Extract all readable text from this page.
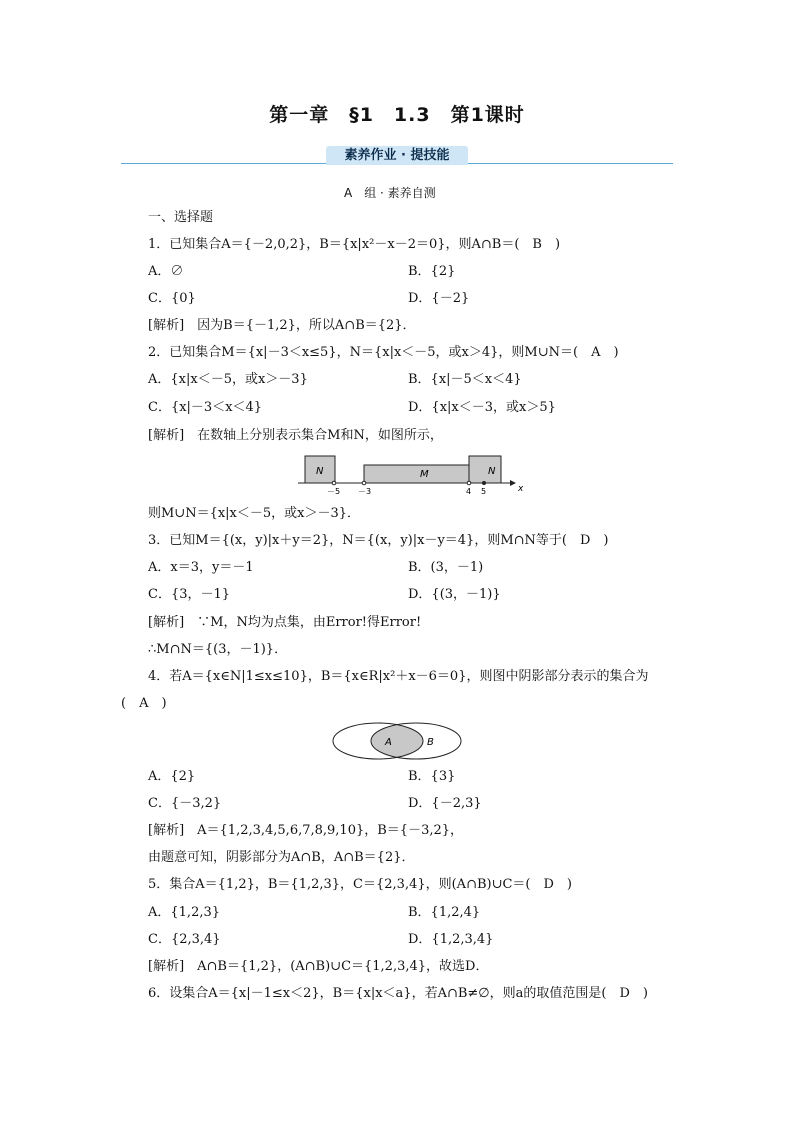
第一章　§1　1.3　第1课时
素养作业 · 提技能
A　组 · 素养自测
一、选择题
1．已知集合A＝{－2,0,2}，B＝{x|x²－x－2＝0}，则A∩B＝(　B　)
A．∅	B．{2}
C．{0}	D．{－2}
[解析]　因为B＝{－1,2}，所以A∩B＝{2}．
2．已知集合M＝{x|－3＜x≤5}，N＝{x|x＜－5，或x＞4}，则M∪N＝(　A　)
A．{x|x＜－5，或x＞－3}	B．{x|－5＜x＜4}
C．{x|－3＜x＜4}	D．{x|x＜－3，或x＞5}
[解析]　在数轴上分别表示集合M和N，如图所示，
N	M	N
－5 －3	4 5	x
则M∪N＝{x|x＜－5，或x＞－3}．
3．已知M＝{(x，y)|x＋y＝2}，N＝{(x，y)|x－y＝4}，则M∩N等于(　D　)
A．x＝3，y＝－1	B．(3，－1)
C．{3，－1}	D．{(3，－1)}
[解析]　∵M，N均为点集，由Error!得Error!
∴M∩N＝{(3，－1)}．
4．若A＝{x∈N|1≤x≤10}，B＝{x∈R|x²＋x－6＝0}，则图中阴影部分表示的集合为
(　A　)
A	B
A．{2}	B．{3}
C．{－3,2}	D．{－2,3}
[解析]　A＝{1,2,3,4,5,6,7,8,9,10}，B＝{－3,2}，
由题意可知，阴影部分为A∩B，A∩B＝{2}．
5．集合A＝{1,2}，B＝{1,2,3}，C＝{2,3,4}，则(A∩B)∪C＝(　D　)
A．{1,2,3}	B．{1,2,4}
C．{2,3,4}	D．{1,2,3,4}
[解析]　A∩B＝{1,2}，(A∩B)∪C＝{1,2,3,4}，故选D．
6．设集合A＝{x|－1≤x＜2}，B＝{x|x＜a}，若A∩B≠∅，则a的取值范围是(　D　)
